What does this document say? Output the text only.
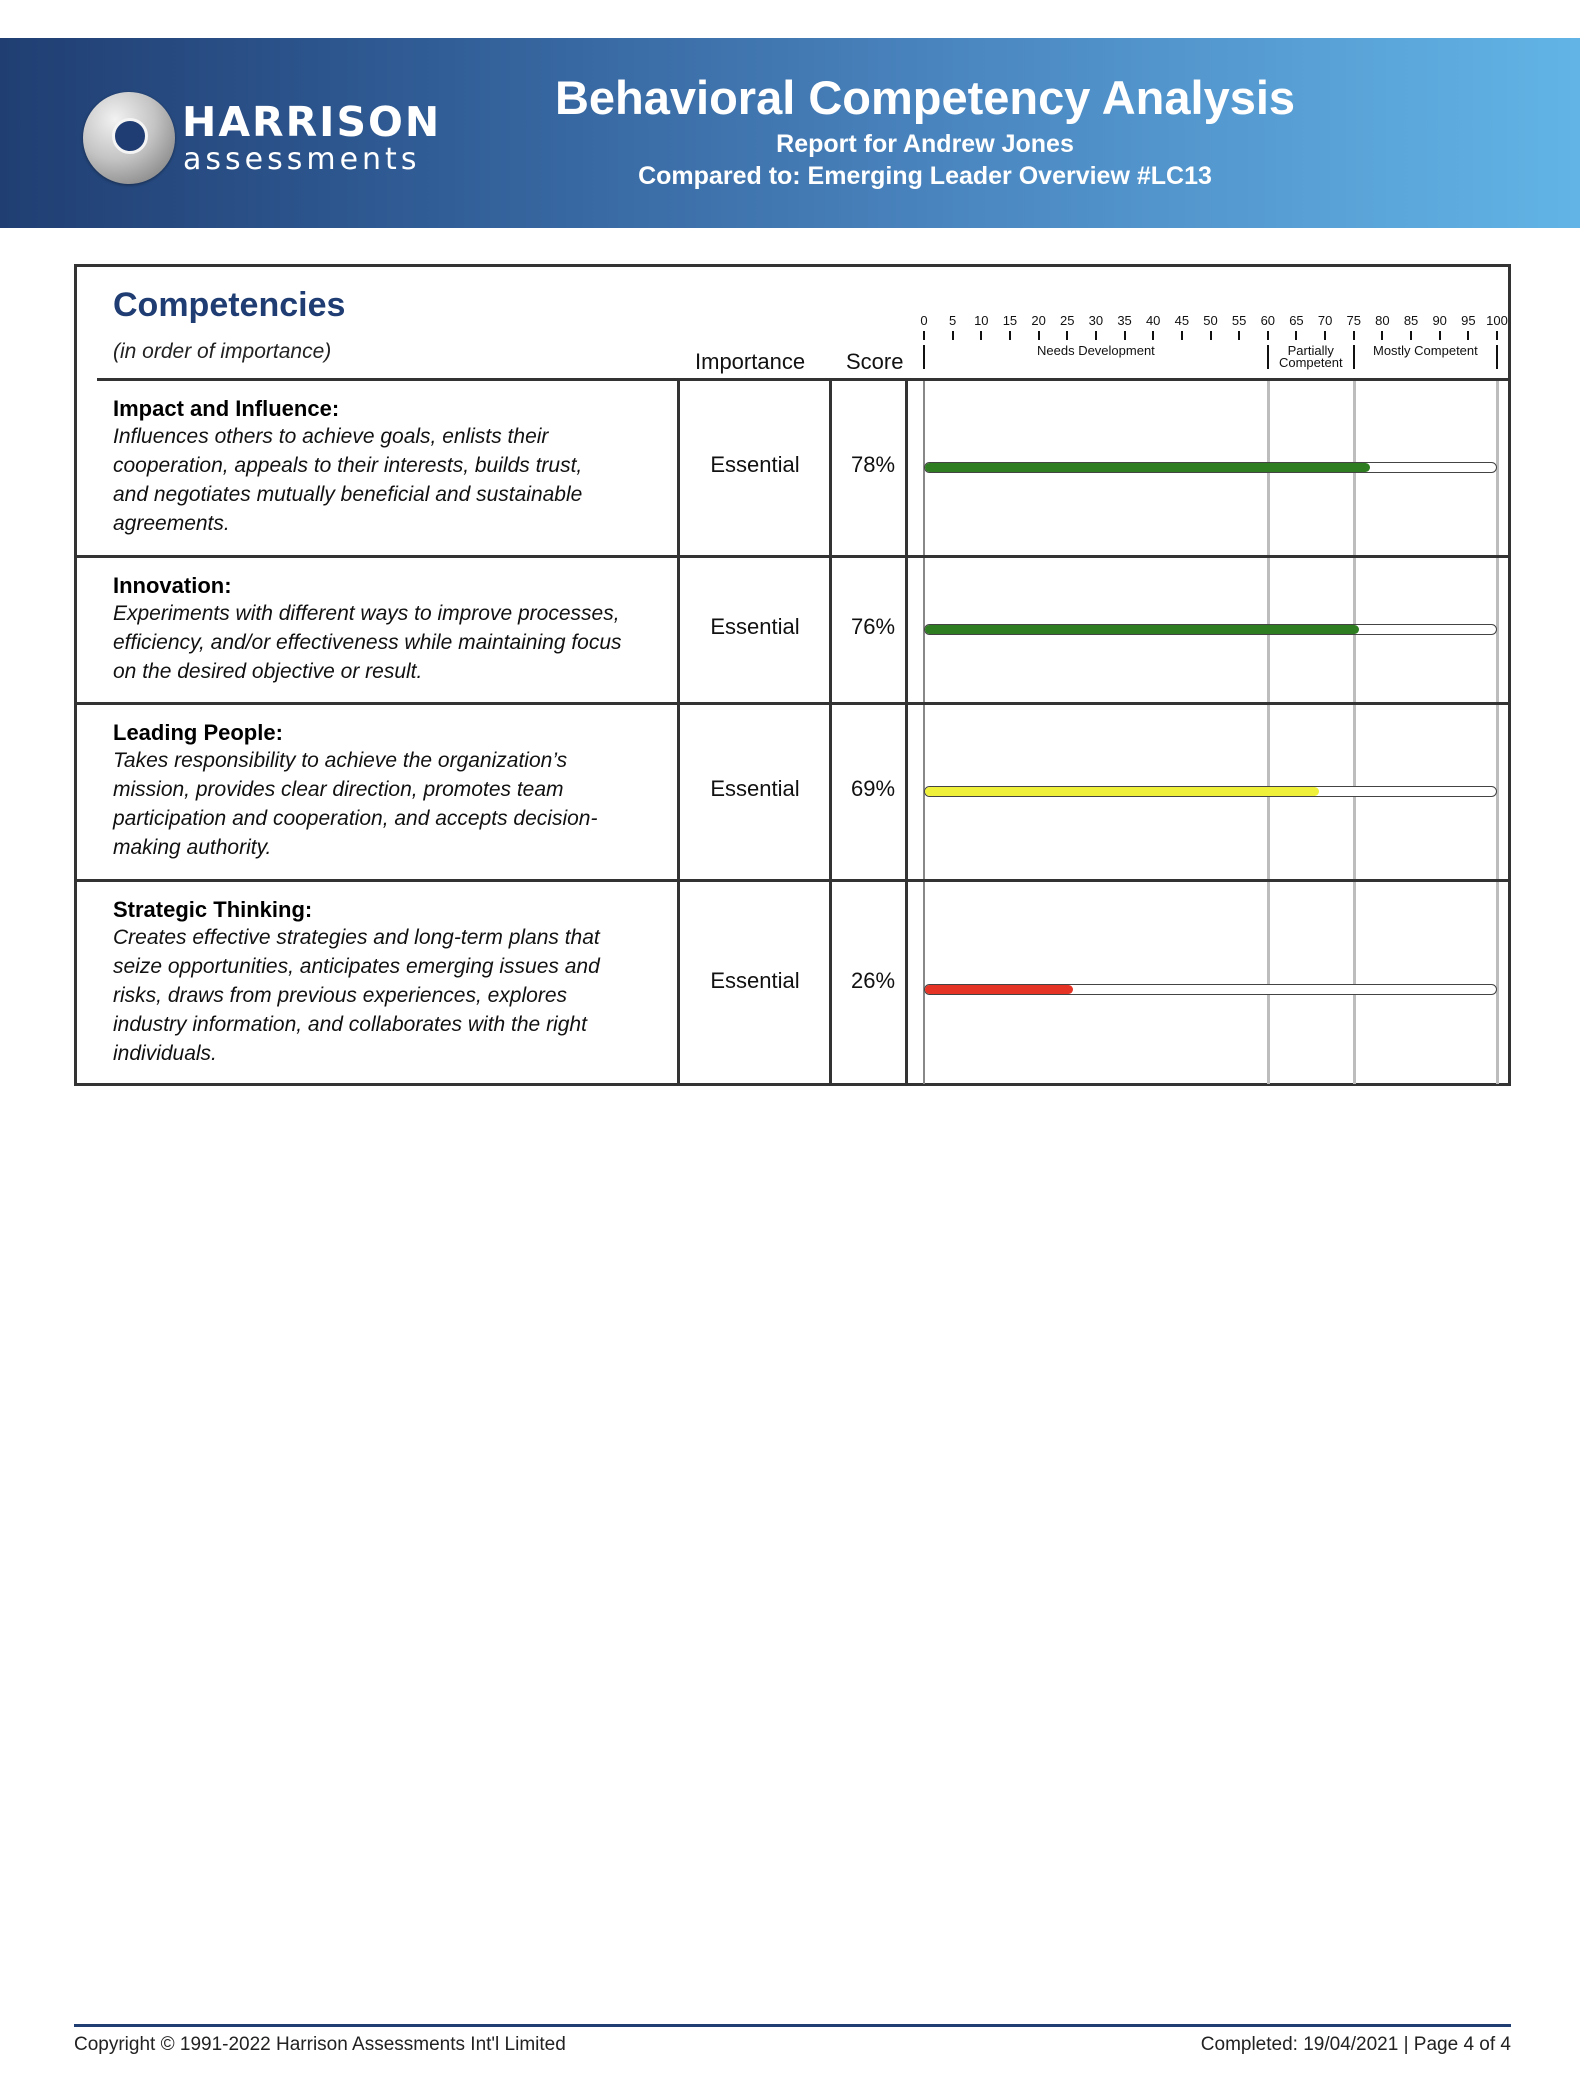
HARRISON
assessments
Behavioral Competency Analysis
Report for Andrew Jones
Compared to: Emerging Leader Overview #LC13
Competencies
(in order of importance)	Importance Score
0	5	10	15	20	25	30	35	40	45	50	55	60	65	70	75	80	85	90	95 100
Needs Development	Partially
Competent
Mostly Competent
Impact and Influence:
Influences others to achieve goals, enlists their
cooperation, appeals to their interests, builds trust,
and negotiates mutually beneficial and sustainable
agreements.
Essential	78%
Innovation:
Experiments with different ways to improve processes,
efficiency, and/or effectiveness while maintaining focus
on the desired objective or result.
Essential	76%
Leading People:
Takes responsibility to achieve the organization’s
mission, provides clear direction, promotes team
participation and cooperation, and accepts decision-
making authority.
Essential	69%
Strategic Thinking:
Creates effective strategies and long-term plans that
seize opportunities, anticipates emerging issues and
risks, draws from previous experiences, explores
industry information, and collaborates with the right
individuals.
Essential	26%
Copyright © 1991-2022 Harrison Assessments Int'l Limited	Completed: 19/04/2021 | Page 4 of 4
